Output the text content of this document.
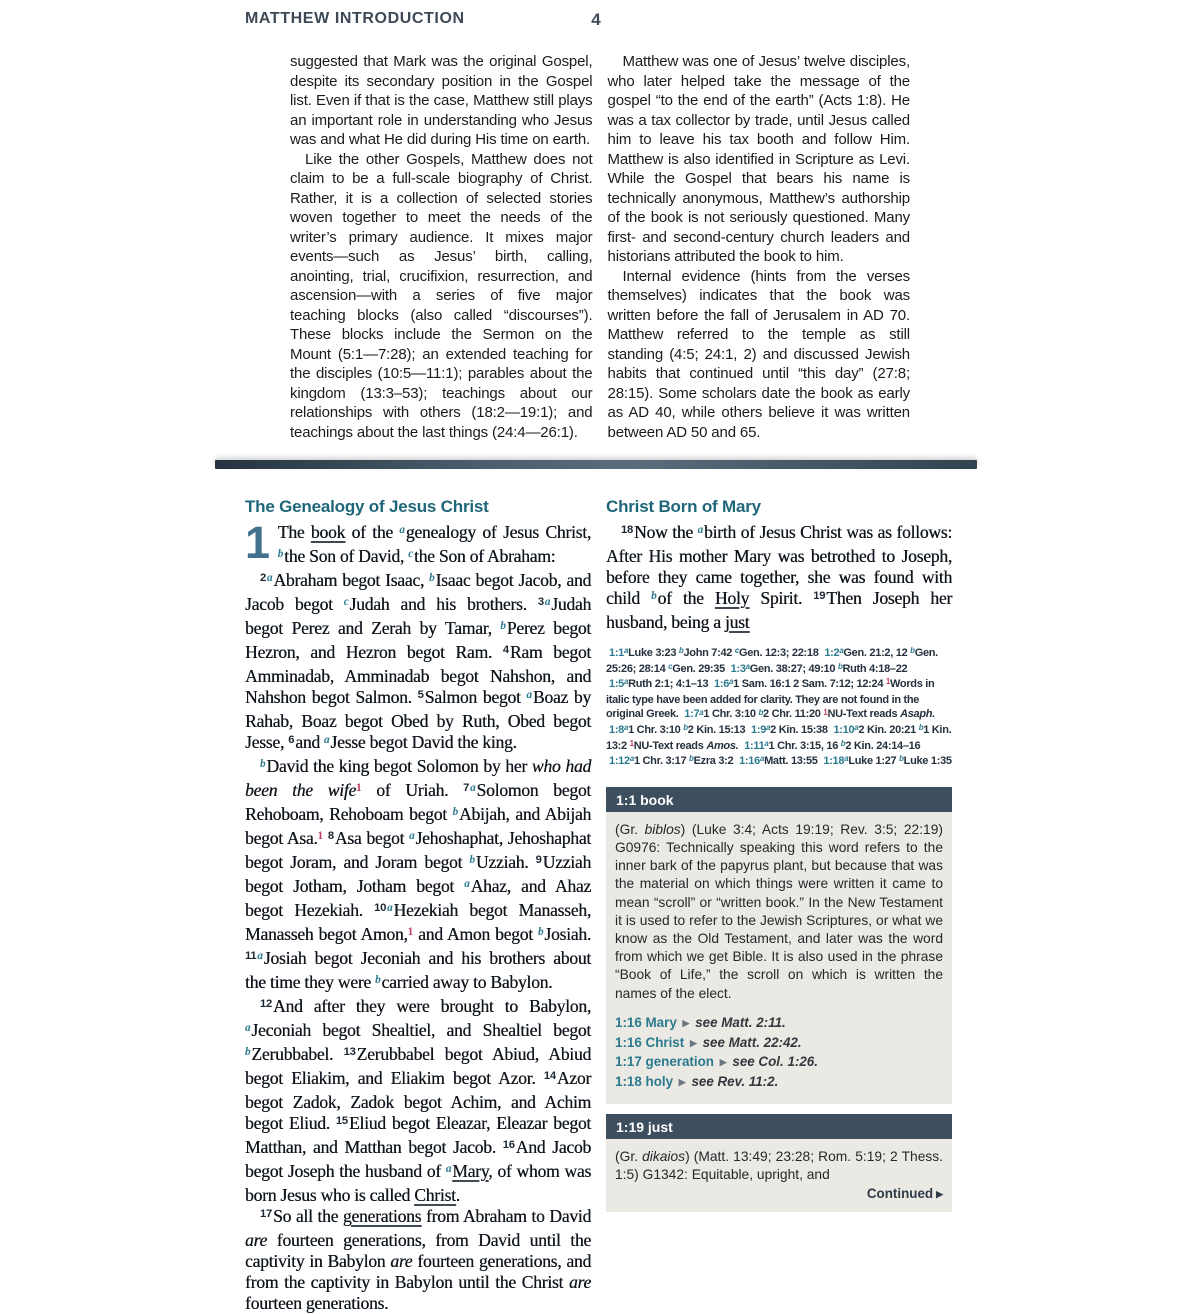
MATTHEW INTRODUCTION	4

suggested that Mark was the original Gospel, despite its secondary position in the Gospel list. Even if that is the case, Matthew still plays an important role in understanding who Jesus was and what He did during His time on earth.

Like the other Gospels, Matthew does not claim to be a full-scale biography of Christ. Rather, it is a collection of selected stories woven together to meet the needs of the writer’s primary audience. It mixes major events—such as Jesus’ birth, calling, anointing, trial, crucifixion, resurrection, and ascension—with a series of five major teaching blocks (also called “discourses”). These blocks include the Sermon on the Mount (5:1—7:28); an extended teaching for the disciples (10:5—11:1); parables about the kingdom (13:3–53); teachings about our relationships with others (18:2—19:1); and teachings about the last things (24:4—26:1).

Matthew was one of Jesus’ twelve disciples, who later helped take the message of the gospel “to the end of the earth” (Acts 1:8). He was a tax collector by trade, until Jesus called him to leave his tax booth and follow Him. Matthew is also identified in Scripture as Levi. While the Gospel that bears his name is technically anonymous, Matthew’s authorship of the book is not seriously questioned. Many first- and second-century church leaders and historians attributed the book to him.

Internal evidence (hints from the verses themselves) indicates that the book was written before the fall of Jerusalem in AD 70. Matthew referred to the temple as still standing (4:5; 24:1, 2) and discussed Jewish habits that continued until “this day” (27:8; 28:15). Some scholars date the book as early as AD 40, while others believe it was written between AD 50 and 65.

The Genealogy of Jesus Christ

1 The book of the $^a$genealogy of Jesus Christ, $^b$the Son of David, $^c$the Son of Abraham:

$^{2a}$Abraham begot Isaac, $^b$Isaac begot Jacob, and Jacob begot $^c$Judah and his brothers. $^{3a}$Judah begot Perez and Zerah by Tamar, $^b$Perez begot Hezron, and Hezron begot Ram. $^4$Ram begot Amminadab, Amminadab begot Nahshon, and Nahshon begot Salmon. $^5$Salmon begot $^a$Boaz by Rahab, Boaz begot Obed by Ruth, Obed begot Jesse, $^6$and $^a$Jesse begot David the king.

$^b$David the king begot Solomon by her who had been the wife$^1$ of Uriah. $^{7a}$Solomon begot Rehoboam, Rehoboam begot $^b$Abijah, and Abijah begot Asa.$^1$ $^8$Asa begot $^a$Jehoshaphat, Jehoshaphat begot Joram, and Joram begot $^b$Uzziah. $^9$Uzziah begot Jotham, Jotham begot $^a$Ahaz, and Ahaz begot Hezekiah. $^{10a}$Hezekiah begot Manasseh, Manasseh begot Amon,$^1$ and Amon begot $^b$Josiah. $^{11a}$Josiah begot Jeconiah and his brothers about the time they were $^b$carried away to Babylon.

$^{12}$And after they were brought to Babylon, $^a$Jeconiah begot Shealtiel, and Shealtiel begot $^b$Zerubbabel. $^{13}$Zerubbabel begot Abiud, Abiud begot Eliakim, and Eliakim begot Azor. $^{14}$Azor begot Zadok, Zadok begot Achim, and Achim begot Eliud. $^{15}$Eliud begot Eleazar, Eleazar begot Matthan, and Matthan begot Jacob. $^{16}$And Jacob begot Joseph the husband of $^a$Mary, of whom was born Jesus who is called Christ.

$^{17}$So all the generations from Abraham to David are fourteen generations, from David until the captivity in Babylon are fourteen generations, and from the captivity in Babylon until the Christ are fourteen generations.

Christ Born of Mary

$^{18}$Now the $^a$birth of Jesus Christ was as follows: After His mother Mary was betrothed to Joseph, before they came together, she was found with child $^b$of the Holy Spirit. $^{19}$Then Joseph her husband, being a just

1:1$^a$Luke 3:23 $^b$John 7:42 $^c$Gen. 12:3; 22:18 1:2$^a$Gen. 21:2, 12 $^b$Gen. 25:26; 28:14 $^c$Gen. 29:35 1:3$^a$Gen. 38:27; 49:10 $^b$Ruth 4:18–22 1:5$^a$Ruth 2:1; 4:1–13 1:6$^a$1 Sam. 16:1 2 Sam. 7:12; 12:24 $^1$Words in italic type have been added for clarity. They are not found in the original Greek. 1:7$^a$1 Chr. 3:10 $^b$2 Chr. 11:20 $^1$NU-Text reads Asaph. 1:8$^a$1 Chr. 3:10 $^b$2 Kin. 15:13 1:9$^a$2 Kin. 15:38 1:10$^a$2 Kin. 20:21 $^b$1 Kin. 13:2 $^1$NU-Text reads Amos. 1:11$^a$1 Chr. 3:15, 16 $^b$2 Kin. 24:14–16 1:12$^a$1 Chr. 3:17 $^b$Ezra 3:2 1:16$^a$Matt. 13:55 1:18$^a$Luke 1:27 $^b$Luke 1:35

1:1 book

(Gr. biblos) (Luke 3:4; Acts 19:19; Rev. 3:5; 22:19) G0976: Technically speaking this word refers to the inner bark of the papyrus plant, but because that was the material on which things were written it came to mean “scroll” or “written book.” In the New Testament it is used to refer to the Jewish Scriptures, or what we know as the Old Testament, and later was the word from which we get Bible. It is also used in the phrase “Book of Life,” the scroll on which is written the names of the elect.

1:16 Mary ▶ see Matt. 2:11.
1:16 Christ ▶ see Matt. 22:42.
1:17 generation ▶ see Col. 1:26.
1:18 holy ▶ see Rev. 11:2.
1:19 just

(Gr. dikaios) (Matt. 13:49; 23:28; Rom. 5:19; 2 Thess. 1:5) G1342: Equitable, upright, and

Continued ▶
